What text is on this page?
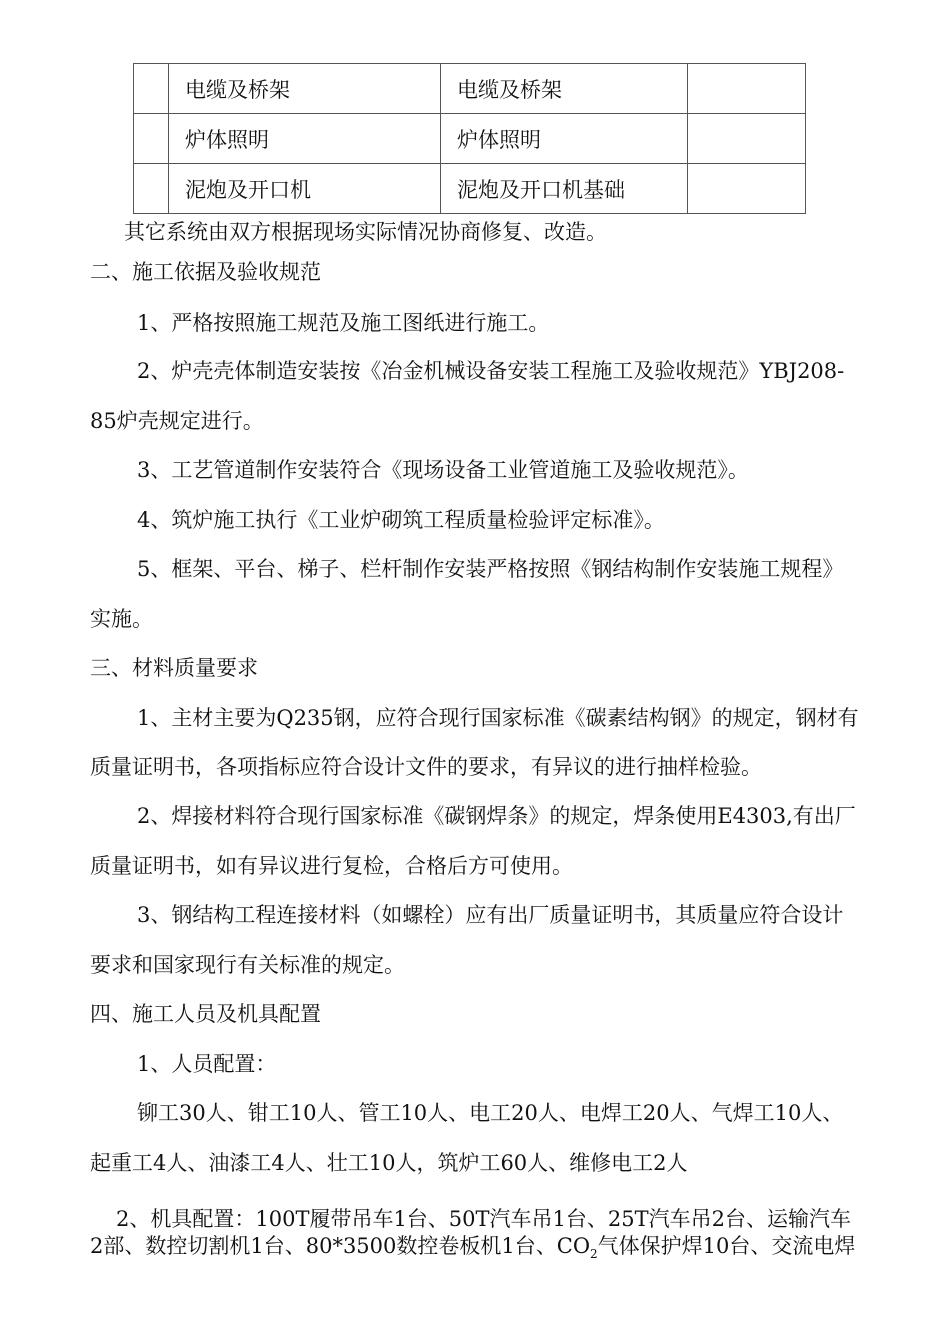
	电缆及桥架	电缆及桥架	
	炉体照明	炉体照明	
	泥炮及开口机	泥炮及开口机基础	
其它系统由双方根据现场实际情况协商修复、改造。
二、施工依据及验收规范
1、严格按照施工规范及施工图纸进行施工。
2、炉壳壳体制造安装按《冶金机械设备安装工程施工及验收规范》YBJ208-
85炉壳规定进行。
3、工艺管道制作安装符合《现场设备工业管道施工及验收规范》。
4、筑炉施工执行《工业炉砌筑工程质量检验评定标准》。
5、框架、平台、梯子、栏杆制作安装严格按照《钢结构制作安装施工规程》
实施。
三、材料质量要求
1、主材主要为Q235钢，应符合现行国家标准《碳素结构钢》的规定，钢材有
质量证明书，各项指标应符合设计文件的要求，有异议的进行抽样检验。
2、焊接材料符合现行国家标准《碳钢焊条》的规定，焊条使用E4303,有出厂
质量证明书，如有异议进行复检，合格后方可使用。
3、钢结构工程连接材料（如螺栓）应有出厂质量证明书，其质量应符合设计
要求和国家现行有关标准的规定。
四、施工人员及机具配置
1、人员配置：
铆工30人、钳工10人、管工10人、电工20人、电焊工20人、气焊工10人、
起重工4人、油漆工4人、壮工10人，筑炉工60人、维修电工2人
2、机具配置：100T履带吊车1台、50T汽车吊1台、25T汽车吊2台、运输汽车
2部、数控切割机1台、80*3500数控卷板机1台、$CO_2$气体保护焊10台、交流电焊
